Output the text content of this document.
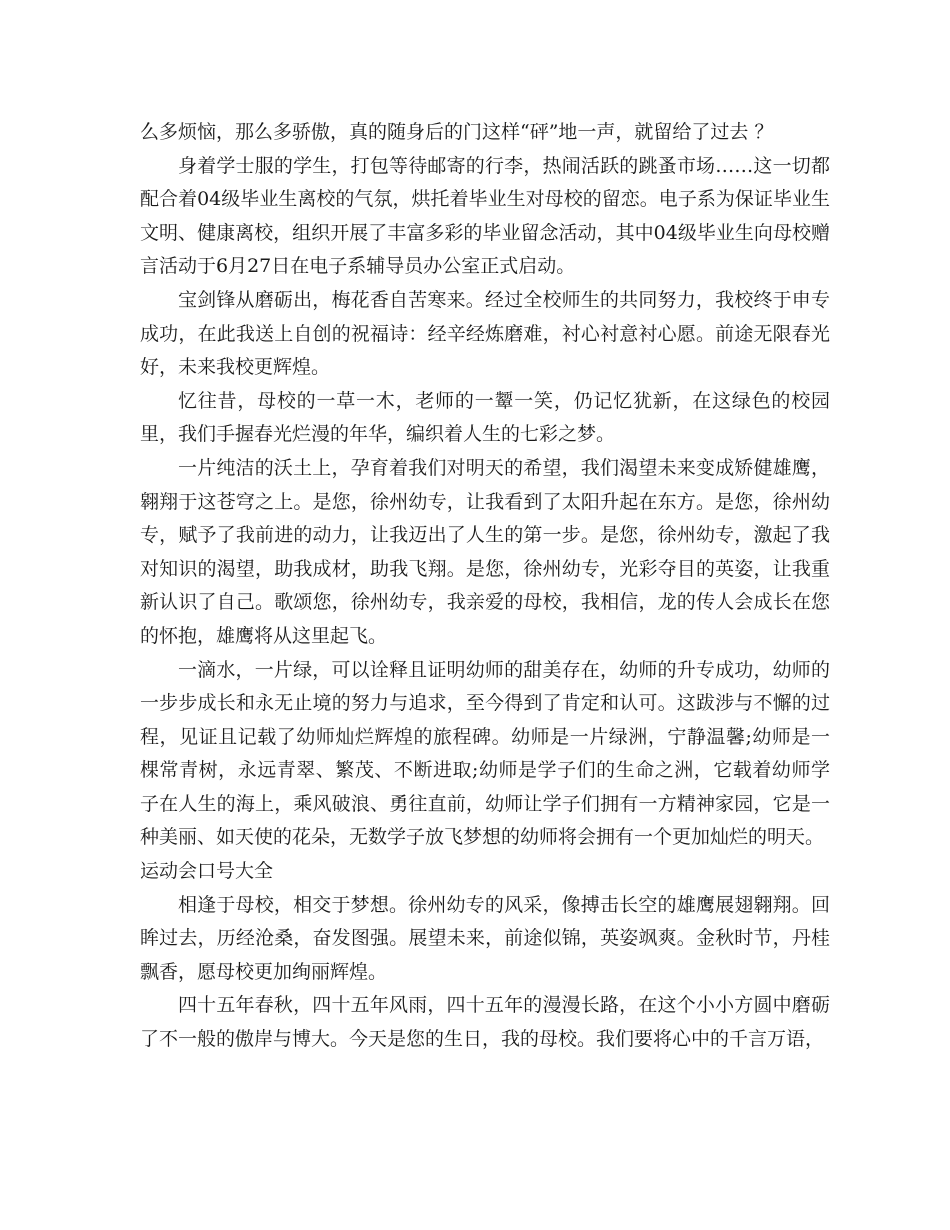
么多烦恼，那么多骄傲，真的随身后的门这样“砰”地一声，就留给了过去 ？

身着学士服的学生，打包等待邮寄的行李，热闹活跃的跳蚤市场……这一切都配合着04级毕业生离校的气氛，烘托着毕业生对母校的留恋。电子系为保证毕业生文明、健康离校，组织开展了丰富多彩的毕业留念活动，其中04级毕业生向母校赠言活动于6月27日在电子系辅导员办公室正式启动。

宝剑锋从磨砺出，梅花香自苦寒来。经过全校师生的共同努力，我校终于申专成功，在此我送上自创的祝福诗：经辛经炼磨难，衬心衬意衬心愿。前途无限春光好，未来我校更辉煌。

忆往昔，母校的一草一木，老师的一颦一笑，仍记忆犹新，在这绿色的校园里，我们手握春光烂漫的年华，编织着人生的七彩之梦。

一片纯洁的沃土上，孕育着我们对明天的希望，我们渴望未来变成矫健雄鹰，翱翔于这苍穹之上。是您，徐州幼专，让我看到了太阳升起在东方。是您，徐州幼专，赋予了我前进的动力，让我迈出了人生的第一步。是您，徐州幼专，激起了我对知识的渴望，助我成材，助我飞翔。是您，徐州幼专，光彩夺目的英姿，让我重新认识了自己。歌颂您，徐州幼专，我亲爱的母校，我相信，龙的传人会成长在您的怀抱，雄鹰将从这里起飞。

一滴水，一片绿，可以诠释且证明幼师的甜美存在，幼师的升专成功，幼师的一步步成长和永无止境的努力与追求，至今得到了肯定和认可。这跋涉与不懈的过程，见证且记载了幼师灿烂辉煌的旅程碑。幼师是一片绿洲，宁静温馨;幼师是一棵常青树，永远青翠、繁茂、不断进取;幼师是学子们的生命之洲，它载着幼师学子在人生的海上，乘风破浪、勇往直前，幼师让学子们拥有一方精神家园，它是一种美丽、如天使的花朵，无数学子放飞梦想的幼师将会拥有一个更加灿烂的明天。

运动会口号大全

相逢于母校，相交于梦想。徐州幼专的风采，像搏击长空的雄鹰展翅翱翔。回眸过去，历经沧桑，奋发图强。展望未来，前途似锦，英姿飒爽。金秋时节，丹桂飘香，愿母校更加绚丽辉煌。

四十五年春秋，四十五年风雨，四十五年的漫漫长路，在这个小小方圆中磨砺了不一般的傲岸与博大。今天是您的生日，我的母校。我们要将心中的千言万语，
